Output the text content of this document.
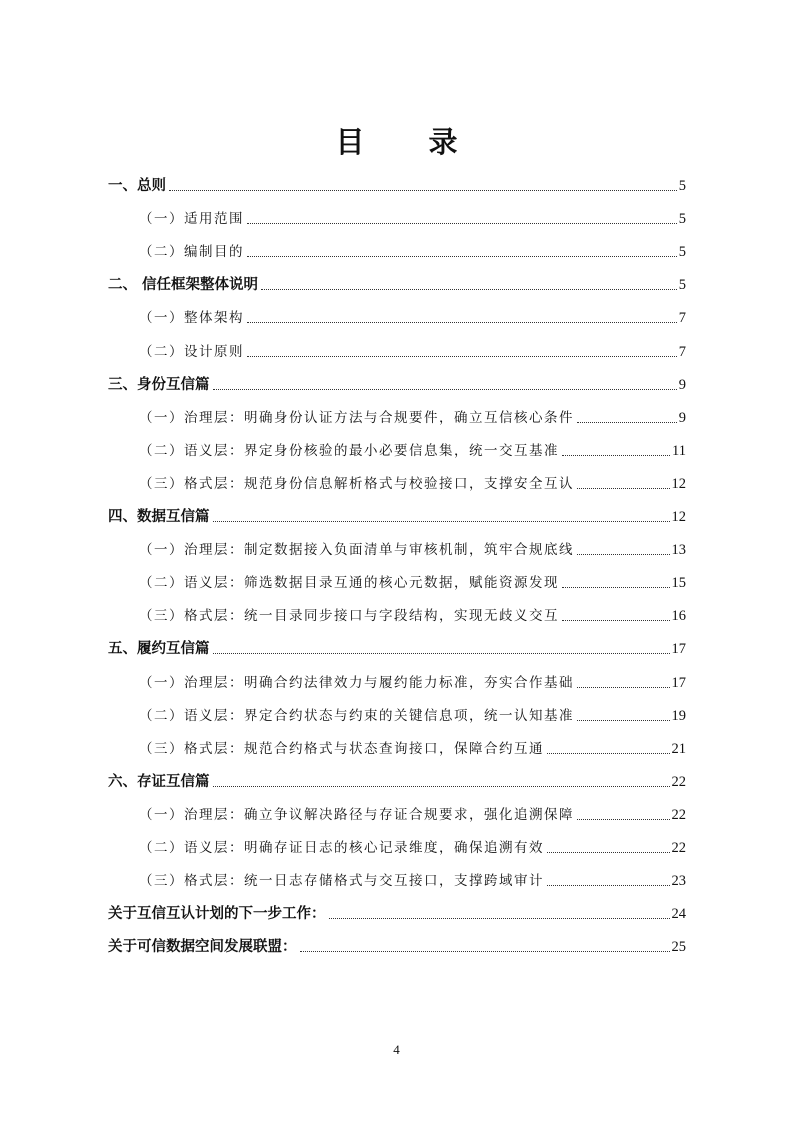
目 录
一、总则	5
（一）适用范围	5
（二）编制目的	5
二、 信任框架整体说明	5
（一）整体架构	7
（二）设计原则	7
三、身份互信篇	9
（一）治理层：明确身份认证方法与合规要件，确立互信核心条件	9
（二）语义层：界定身份核验的最小必要信息集，统一交互基准	11
（三）格式层：规范身份信息解析格式与校验接口，支撑安全互认	12
四、数据互信篇	12
（一）治理层：制定数据接入负面清单与审核机制，筑牢合规底线	13
（二）语义层：筛选数据目录互通的核心元数据，赋能资源发现	15
（三）格式层：统一目录同步接口与字段结构，实现无歧义交互	16
五、履约互信篇	17
（一）治理层：明确合约法律效力与履约能力标准，夯实合作基础	17
（二）语义层：界定合约状态与约束的关键信息项，统一认知基准	19
（三）格式层：规范合约格式与状态查询接口，保障合约互通	21
六、存证互信篇	22
（一）治理层：确立争议解决路径与存证合规要求，强化追溯保障	22
（二）语义层：明确存证日志的核心记录维度，确保追溯有效	22
（三）格式层：统一日志存储格式与交互接口，支撑跨域审计	23
关于互信互认计划的下一步工作：	24
关于可信数据空间发展联盟：	25
4
